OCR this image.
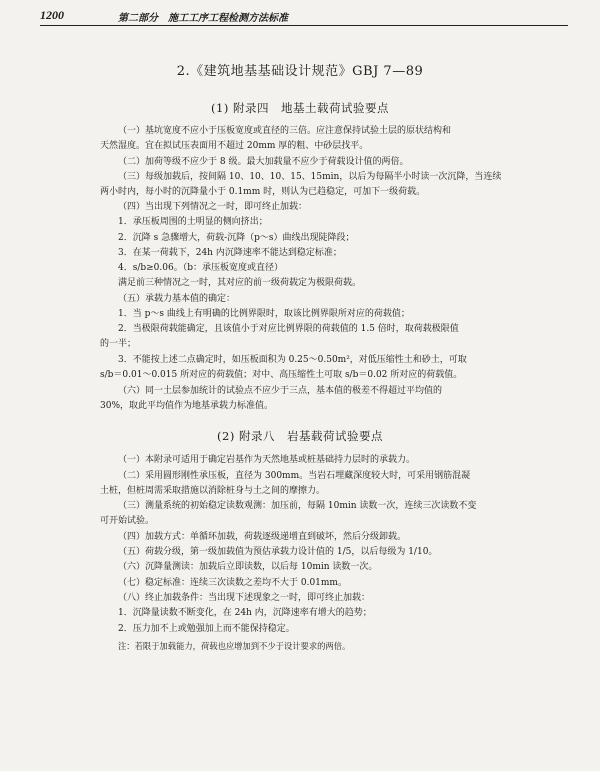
1200	第二部分　施工工序工程检测方法标准
2.《建筑地基基础设计规范》GBJ 7—89
(1) 附录四　地基土载荷试验要点

（一）基坑宽度不应小于压板宽度或直径的三倍。应注意保持试验土层的原状结构和

天然湿度。宜在拟试压表面用不超过 20mm 厚的粗、中砂层找平。

（二）加荷等级不应少于 8 级。最大加载量不应少于荷载设计值的两倍。

（三）每级加载后，按间隔 10、10、10、15、15min，以后为每隔半小时读一次沉降，当连续

两小时内，每小时的沉降量小于 0.1mm 时，则认为已趋稳定，可加下一级荷载。

（四）当出现下列情况之一时，即可终止加载：

1．承压板周围的土明显的侧向挤出；

2．沉降 s 急骤增大，荷载-沉降（p～s）曲线出现陡降段；

3．在某一荷载下，24h 内沉降速率不能达到稳定标准；

4．s/b≥0.06。（b：承压板宽度或直径）

满足前三种情况之一时，其对应的前一级荷载定为极限荷载。

（五）承载力基本值的确定：

1．当 p～s 曲线上有明确的比例界限时，取该比例界限所对应的荷载值；

2．当极限荷载能确定，且该值小于对应比例界限的荷载值的 1.5 倍时，取荷载极限值

的一半；

3．不能按上述二点确定时，如压板面积为 0.25～0.50m²，对低压缩性土和砂土，可取

s/b＝0.01～0.015 所对应的荷载值；对中、高压缩性土可取 s/b＝0.02 所对应的荷载值。

（六）同一土层参加统计的试验点不应少于三点，基本值的极差不得超过平均值的

30%，取此平均值作为地基承载力标准值。

(2) 附录八　岩基载荷试验要点

（一）本附录可适用于确定岩基作为天然地基或桩基础持力层时的承载力。

（二）采用圆形刚性承压板，直径为 300mm。当岩石埋藏深度较大时，可采用钢筋混凝

土桩，但桩周需采取措施以消除桩身与土之间的摩擦力。

（三）测量系统的初始稳定读数观测：加压前，每隔 10min 读数一次，连续三次读数不变

可开始试验。

（四）加载方式：单循环加载，荷载逐级递增直到破坏，然后分级卸载。

（五）荷载分级，第一级加载值为预估承载力设计值的 1/5，以后每级为 1/10。

（六）沉降量测读：加载后立即读数，以后每 10min 读数一次。

（七）稳定标准：连续三次读数之差均不大于 0.01mm。

（八）终止加载条件：当出现下述现象之一时，即可终止加载：

1．沉降量读数不断变化，在 24h 内，沉降速率有增大的趋势；

2．压力加不上或勉强加上而不能保持稳定。

注：若限于加载能力，荷载也应增加到不少于设计要求的两倍。
